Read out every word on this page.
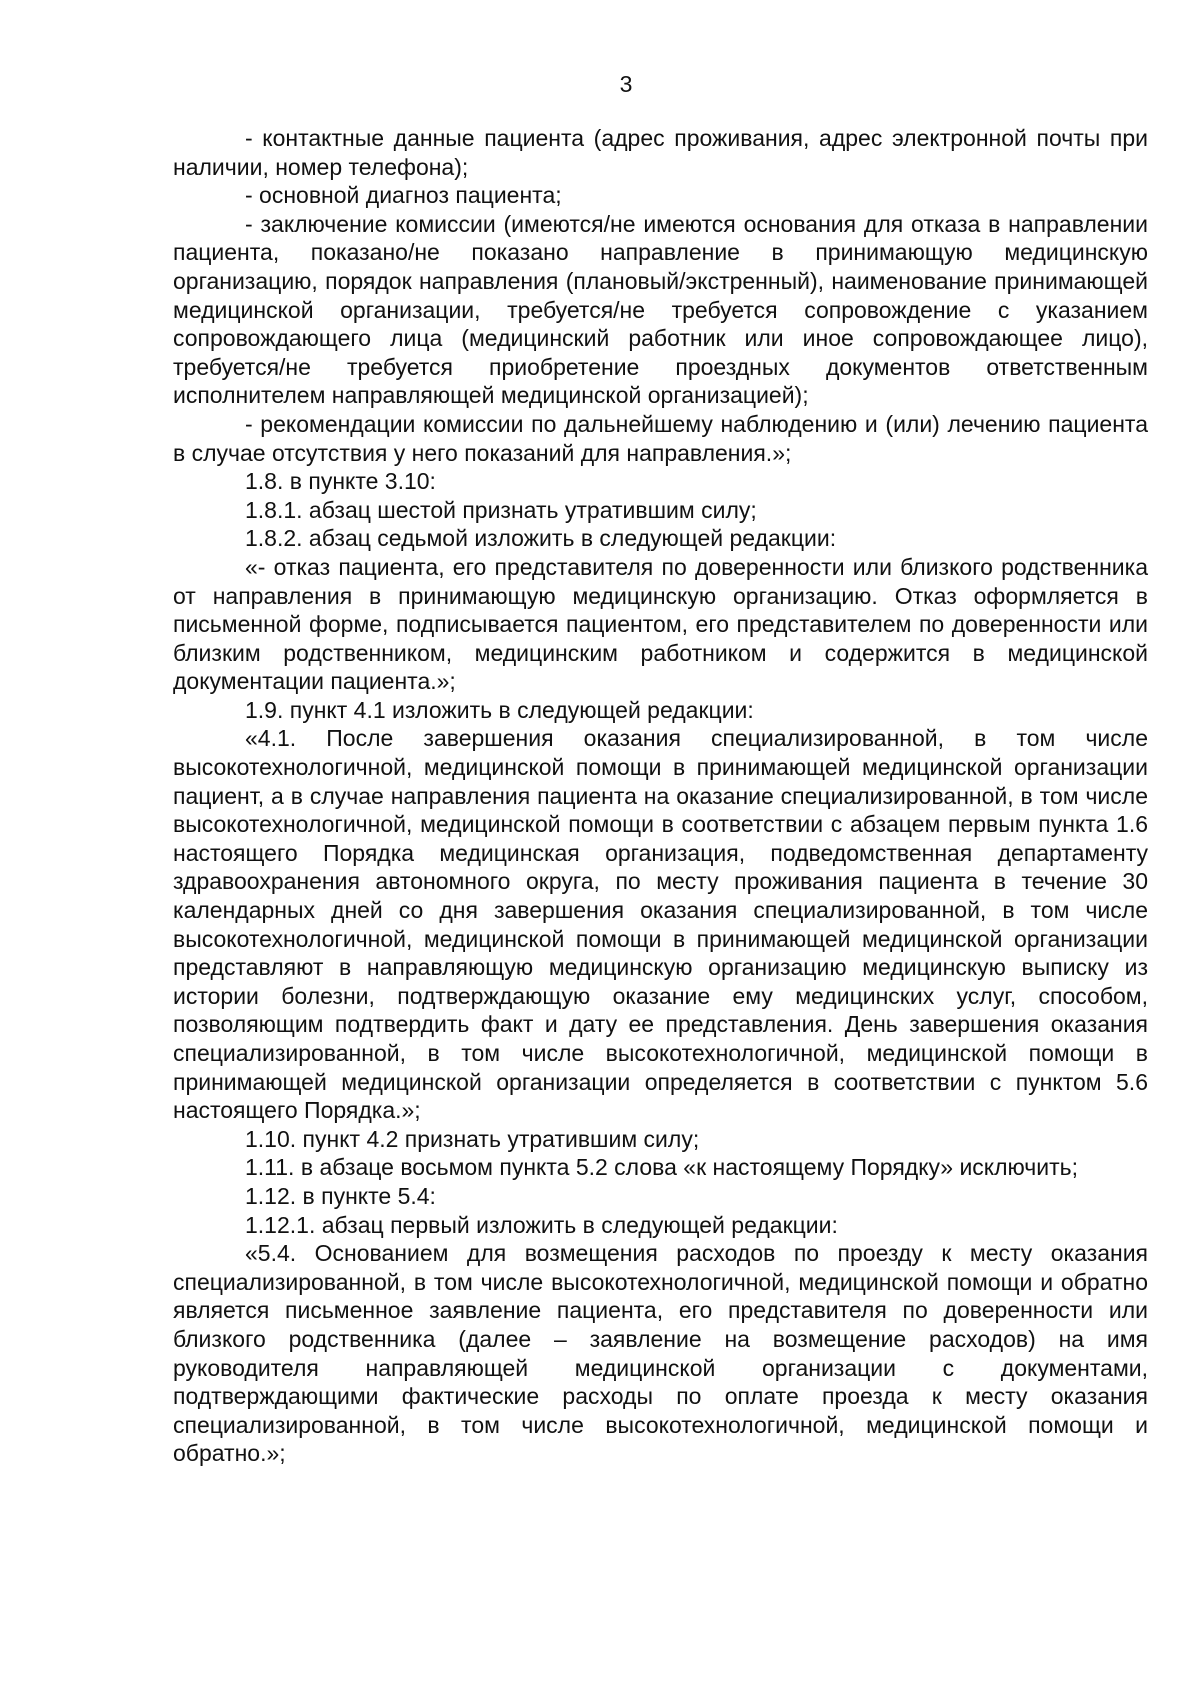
3

- контактные данные пациента (адрес проживания, адрес электронной почты при наличии, номер телефона);

- основной диагноз пациента;

- заключение комиссии (имеются/не имеются основания для отказа в направлении пациента, показано/не показано направление в принимающую медицинскую организацию, порядок направления (плановый/экстренный), наименование принимающей медицинской организации, требуется/не требуется сопровождение с указанием сопровождающего лица (медицинский работник или иное сопровождающее лицо), требуется/не требуется приобретение проездных документов ответственным исполнителем направляющей медицинской организацией);

- рекомендации комиссии по дальнейшему наблюдению и (или) лечению пациента в случае отсутствия у него показаний для направления.»;

1.8. в пункте 3.10:

1.8.1. абзац шестой признать утратившим силу;

1.8.2. абзац седьмой изложить в следующей редакции:

«- отказ пациента, его представителя по доверенности или близкого родственника от направления в принимающую медицинскую организацию. Отказ оформляется в письменной форме, подписывается пациентом, его представителем по доверенности или близким родственником, медицинским работником и содержится в медицинской документации пациента.»;

1.9. пункт 4.1 изложить в следующей редакции:

«4.1. После завершения оказания специализированной, в том числе высокотехнологичной, медицинской помощи в принимающей медицинской организации пациент, а в случае направления пациента на оказание специализированной, в том числе высокотехнологичной, медицинской помощи в соответствии с абзацем первым пункта 1.6 настоящего Порядка медицинская организация, подведомственная департаменту здравоохранения автономного округа, по месту проживания пациента в течение 30 календарных дней со дня завершения оказания специализированной, в том числе высокотехнологичной, медицинской помощи в принимающей медицинской организации представляют в направляющую медицинскую организацию медицинскую выписку из истории болезни, подтверждающую оказание ему медицинских услуг, способом, позволяющим подтвердить факт и дату ее представления. День завершения оказания специализированной, в том числе высокотехнологичной, медицинской помощи в принимающей медицинской организации определяется в соответствии с пунктом 5.6 настоящего Порядка.»;

1.10. пункт 4.2 признать утратившим силу;

1.11. в абзаце восьмом пункта 5.2 слова «к настоящему Порядку» исключить;

1.12. в пункте 5.4:

1.12.1. абзац первый изложить в следующей редакции:

«5.4. Основанием для возмещения расходов по проезду к месту оказания специализированной, в том числе высокотехнологичной, медицинской помощи и обратно является письменное заявление пациента, его представителя по доверенности или близкого родственника (далее – заявление на возмещение расходов) на имя руководителя направляющей медицинской организации с документами, подтверждающими фактические расходы по оплате проезда к месту оказания специализированной, в том числе высокотехнологичной, медицинской помощи и обратно.»;
